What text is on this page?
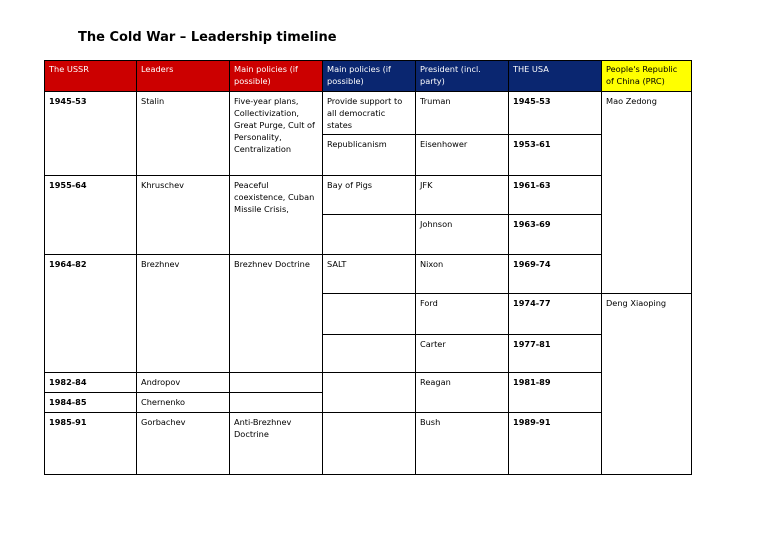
The Cold War – Leadership timeline
The USSR	Leaders	Main policies (if possible)	Main policies (if possible)	President (incl. party)	THE USA	People's Republic of China (PRC)
1945-53	Stalin	Five-year plans, Collectivization, Great Purge, Cult of Personality, Centralization	Provide support to all democratic states	Truman	1945-53	Mao Zedong
			Republicanism	Eisenhower	1953-61	
1955-64	Khruschev	Peaceful coexistence, Cuban Missile Crisis,	Bay of Pigs	JFK	1961-63	
				Johnson	1963-69	
1964-82	Brezhnev	Brezhnev Doctrine	SALT	Nixon	1969-74	
				Ford	1974-77	Deng Xiaoping
				Carter	1977-81	
1982-84	Andropov			Reagan	1981-89	
1984-85	Chernenko					
1985-91	Gorbachev	Anti-Brezhnev Doctrine		Bush	1989-91	
